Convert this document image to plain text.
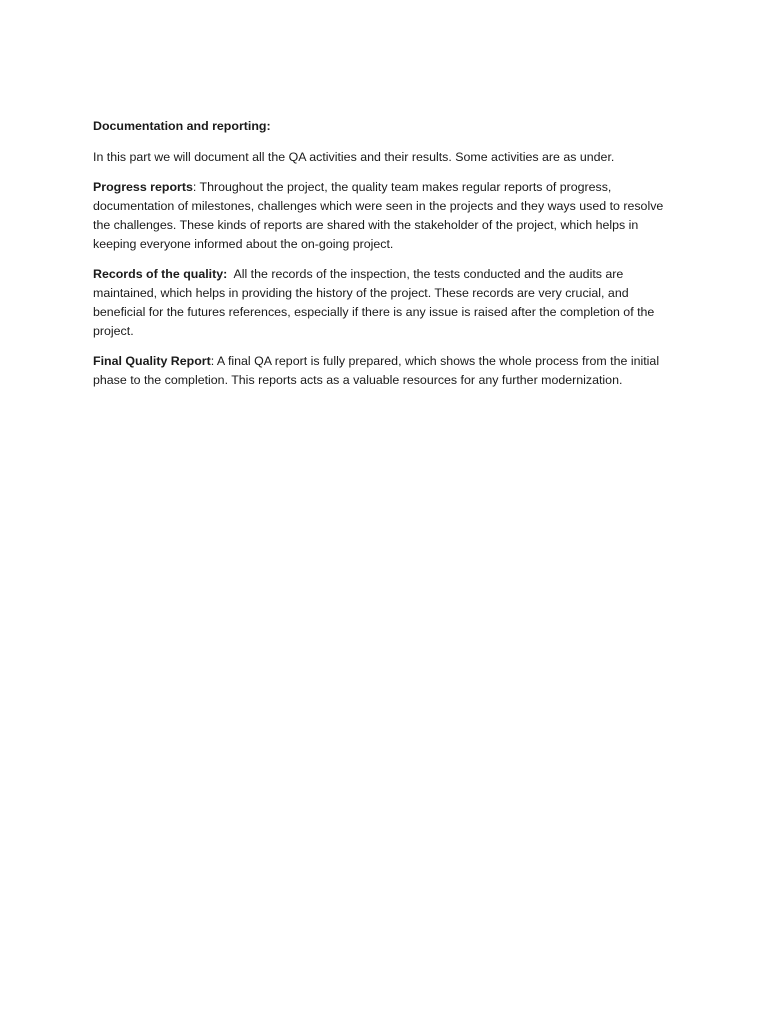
Documentation and reporting:

In this part we will document all the QA activities and their results. Some activities are as under.

Progress reports: Throughout the project, the quality team makes regular reports of progress, documentation of milestones, challenges which were seen in the projects and they ways used to resolve the challenges. These kinds of reports are shared with the stakeholder of the project, which helps in keeping everyone informed about the on-going project.

Records of the quality:  All the records of the inspection, the tests conducted and the audits are maintained, which helps in providing the history of the project. These records are very crucial, and beneficial for the futures references, especially if there is any issue is raised after the completion of the project.

Final Quality Report: A final QA report is fully prepared, which shows the whole process from the initial phase to the completion. This reports acts as a valuable resources for any further modernization.
